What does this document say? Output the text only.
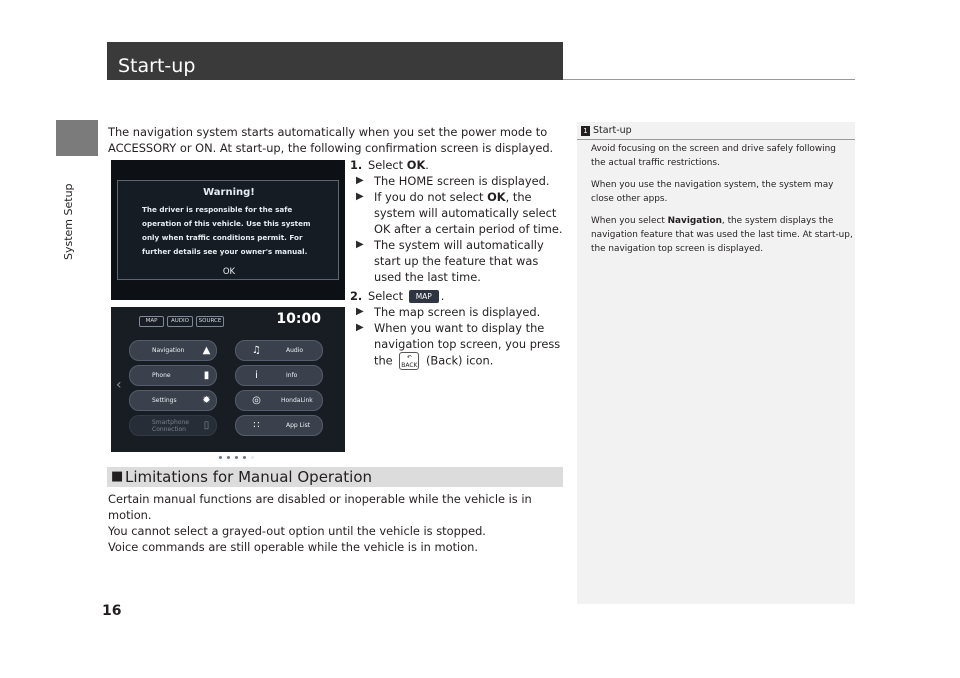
System Setup
16
Start-up
The navigation system starts automatically when you set the power mode to ACCESSORY or ON. At start-up, the following confirmation screen is displayed.
Warning!
The driver is responsible for the safe
operation of this vehicle. Use this system
only when traffic conditions permit. For
further details see your owner's manual.
OK
MAP	AUDIO	SOURCE	10:00
‹
Navigation ▲
Phone	▮
Settings	✹
Smartphone Connection	▯
♫	Audio
i	Info
◎	HondaLink
∷	App List
1. Select OK.
▶ The HOME screen is displayed.
▶ If you do not select OK, the system will automatically select OK after a certain period of time.
▶ The system will automatically start up the feature that was used the last time.
2. Select MAP .
▶ The map screen is displayed.
▶ When you want to display the navigation top screen, you press the ↶
BACK (Back) icon.
■ Limitations for Manual Operation
Certain manual functions are disabled or inoperable while the vehicle is in motion.
You cannot select a grayed-out option until the vehicle is stopped.
Voice commands are still operable while the vehicle is in motion.
1 Start-up

Avoid focusing on the screen and drive safely following the actual traffic restrictions.

When you use the navigation system, the system may close other apps.

When you select Navigation, the system displays the navigation feature that was used the last time. At start-up, the navigation top screen is displayed.
